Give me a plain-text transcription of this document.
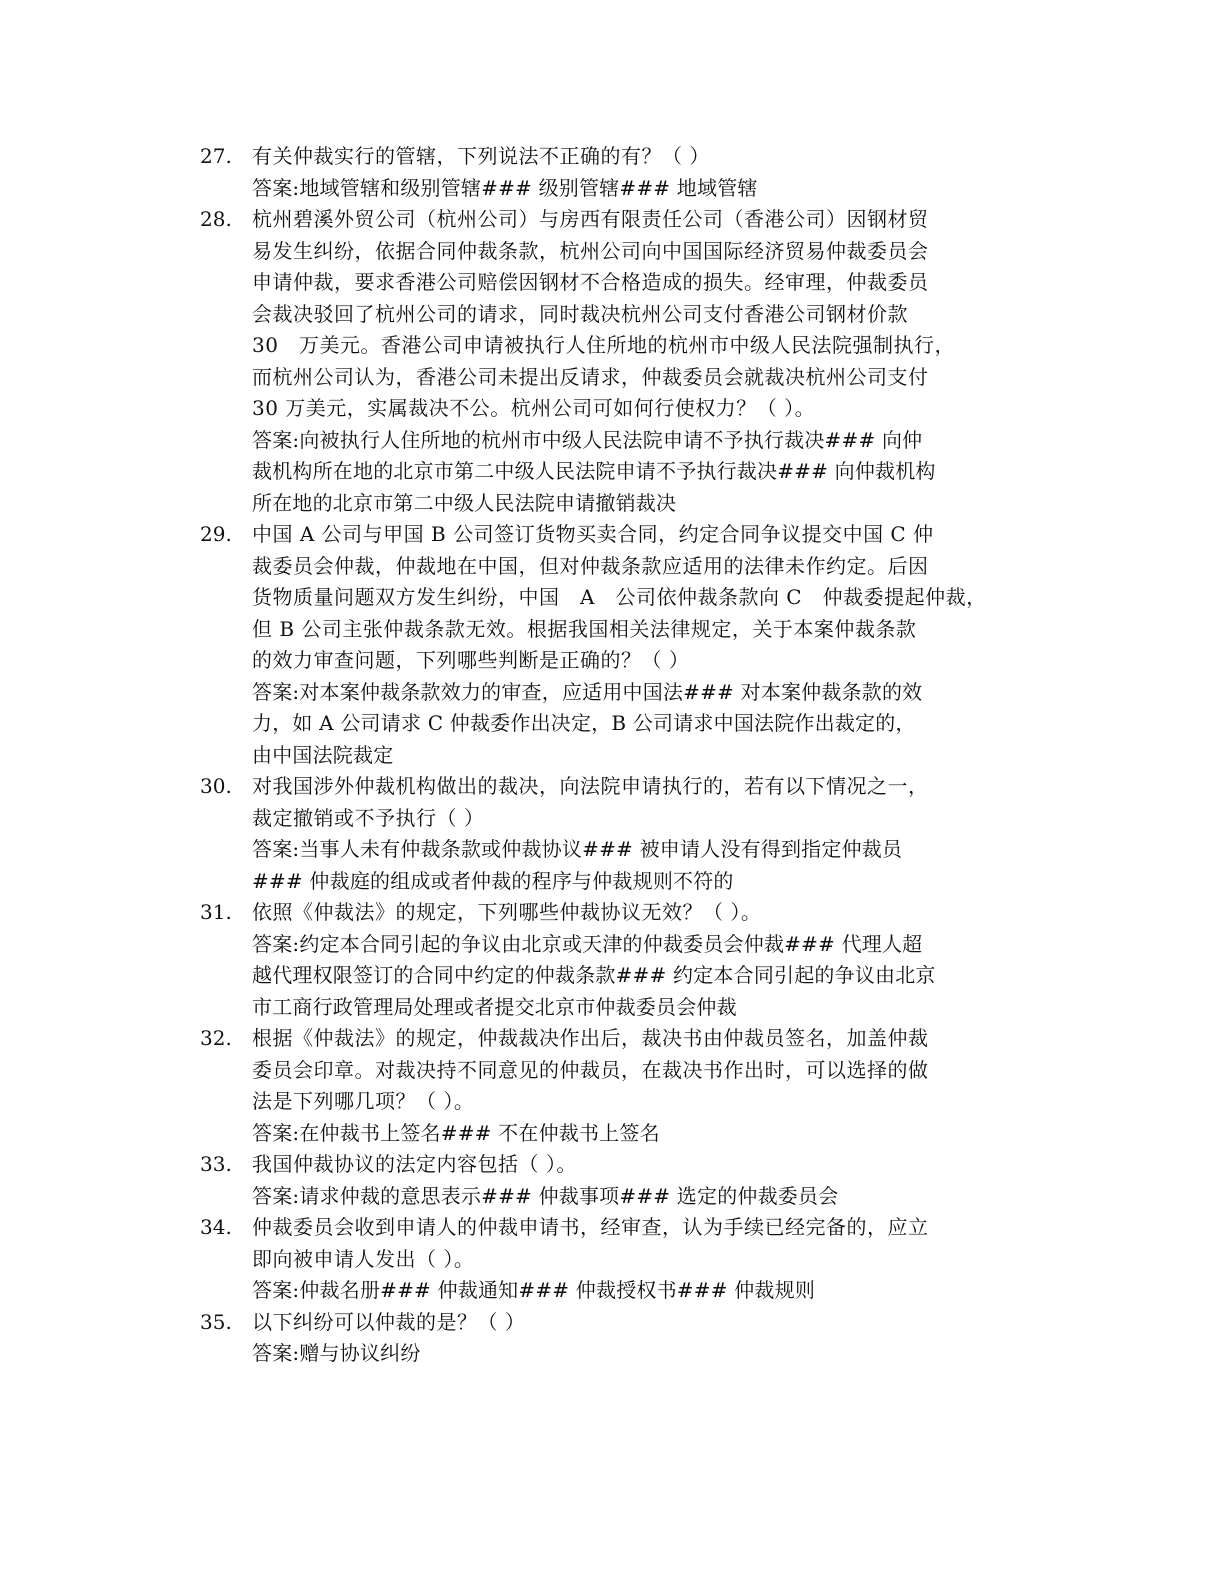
27.	有关仲裁实行的管辖，下列说法不正确的有？（ ）
答案:地域管辖和级别管辖### 级别管辖### 地域管辖
28.	杭州碧溪外贸公司（杭州公司）与房西有限责任公司（香港公司）因钢材贸
易发生纠纷，依据合同仲裁条款，杭州公司向中国国际经济贸易仲裁委员会
申请仲裁，要求香港公司赔偿因钢材不合格造成的损失。经审理，仲裁委员
会裁决驳回了杭州公司的请求，同时裁决杭州公司支付香港公司钢材价款
30　万美元。香港公司申请被执行人住所地的杭州市中级人民法院强制执行，
而杭州公司认为，香港公司未提出反请求，仲裁委员会就裁决杭州公司支付
30 万美元，实属裁决不公。杭州公司可如何行使权力？（ ）。
答案:向被执行人住所地的杭州市中级人民法院申请不予执行裁决### 向仲
裁机构所在地的北京市第二中级人民法院申请不予执行裁决### 向仲裁机构
所在地的北京市第二中级人民法院申请撤销裁决
29.	中国 A 公司与甲国 B 公司签订货物买卖合同，约定合同争议提交中国 C 仲
裁委员会仲裁，仲裁地在中国，但对仲裁条款应适用的法律未作约定。后因
货物质量问题双方发生纠纷，中国　A　公司依仲裁条款向 C　仲裁委提起仲裁，
但 B 公司主张仲裁条款无效。根据我国相关法律规定，关于本案仲裁条款
的效力审查问题，下列哪些判断是正确的？（ ）
答案:对本案仲裁条款效力的审查，应适用中国法### 对本案仲裁条款的效
力，如 A 公司请求 C 仲裁委作出决定，B 公司请求中国法院作出裁定的，
由中国法院裁定
30.	对我国涉外仲裁机构做出的裁决，向法院申请执行的，若有以下情况之一，
裁定撤销或不予执行（ ）
答案:当事人未有仲裁条款或仲裁协议### 被申请人没有得到指定仲裁员
### 仲裁庭的组成或者仲裁的程序与仲裁规则不符的
31.	依照《仲裁法》的规定，下列哪些仲裁协议无效？（ ）。
答案:约定本合同引起的争议由北京或天津的仲裁委员会仲裁### 代理人超
越代理权限签订的合同中约定的仲裁条款### 约定本合同引起的争议由北京
市工商行政管理局处理或者提交北京市仲裁委员会仲裁
32.	根据《仲裁法》的规定，仲裁裁决作出后，裁决书由仲裁员签名，加盖仲裁
委员会印章。对裁决持不同意见的仲裁员，在裁决书作出时，可以选择的做
法是下列哪几项？（ ）。
答案:在仲裁书上签名### 不在仲裁书上签名
33.	我国仲裁协议的法定内容包括（ ）。
答案:请求仲裁的意思表示### 仲裁事项### 选定的仲裁委员会
34.	仲裁委员会收到申请人的仲裁申请书，经审查，认为手续已经完备的，应立
即向被申请人发出（ ）。
答案:仲裁名册### 仲裁通知### 仲裁授权书### 仲裁规则
35.	以下纠纷可以仲裁的是？（ ）
答案:赠与协议纠纷
